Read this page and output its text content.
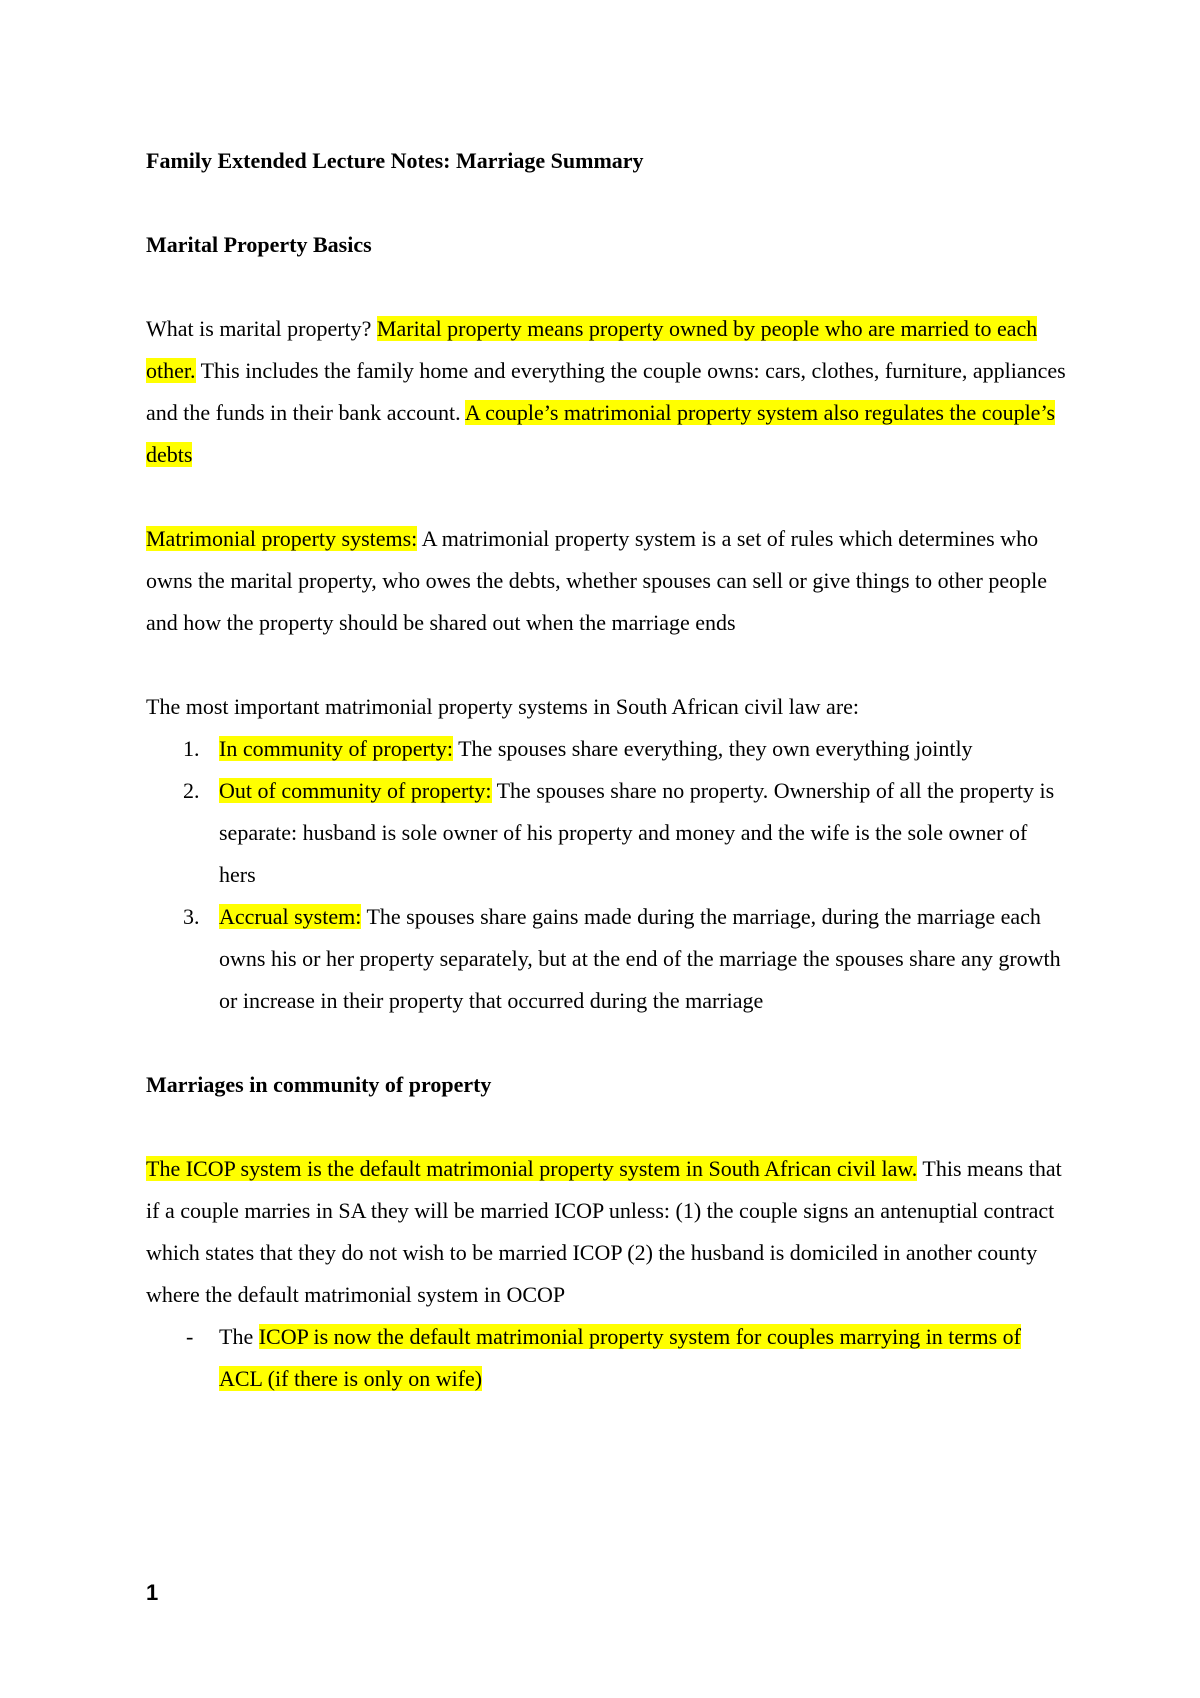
Family Extended Lecture Notes: Marriage Summary
Marital Property Basics

What is marital property? Marital property means property owned by people who are married to each other. This includes the family home and everything the couple owns: cars, clothes, furniture, appliances and the funds in their bank account. A couple’s matrimonial property system also regulates the couple’s debts

Matrimonial property systems: A matrimonial property system is a set of rules which determines who owns the marital property, who owes the debts, whether spouses can sell or give things to other people and how the property should be shared out when the marriage ends

The most important matrimonial property systems in South African civil law are:

1. In community of property: The spouses share everything, they own everything jointly
2. Out of community of property: The spouses share no property. Ownership of all the property is separate: husband is sole owner of his property and money and the wife is the sole owner of hers
3. Accrual system: The spouses share gains made during the marriage, during the marriage each owns his or her property separately, but at the end of the marriage the spouses share any growth or increase in their property that occurred during the marriage
Marriages in community of property

The ICOP system is the default matrimonial property system in South African civil law. This means that if a couple marries in SA they will be married ICOP unless: (1) the couple signs an antenuptial contract which states that they do not wish to be married ICOP (2) the husband is domiciled in another county where the default matrimonial system in OCOP

- The ICOP is now the default matrimonial property system for couples marrying in terms of ACL (if there is only on wife)
1
